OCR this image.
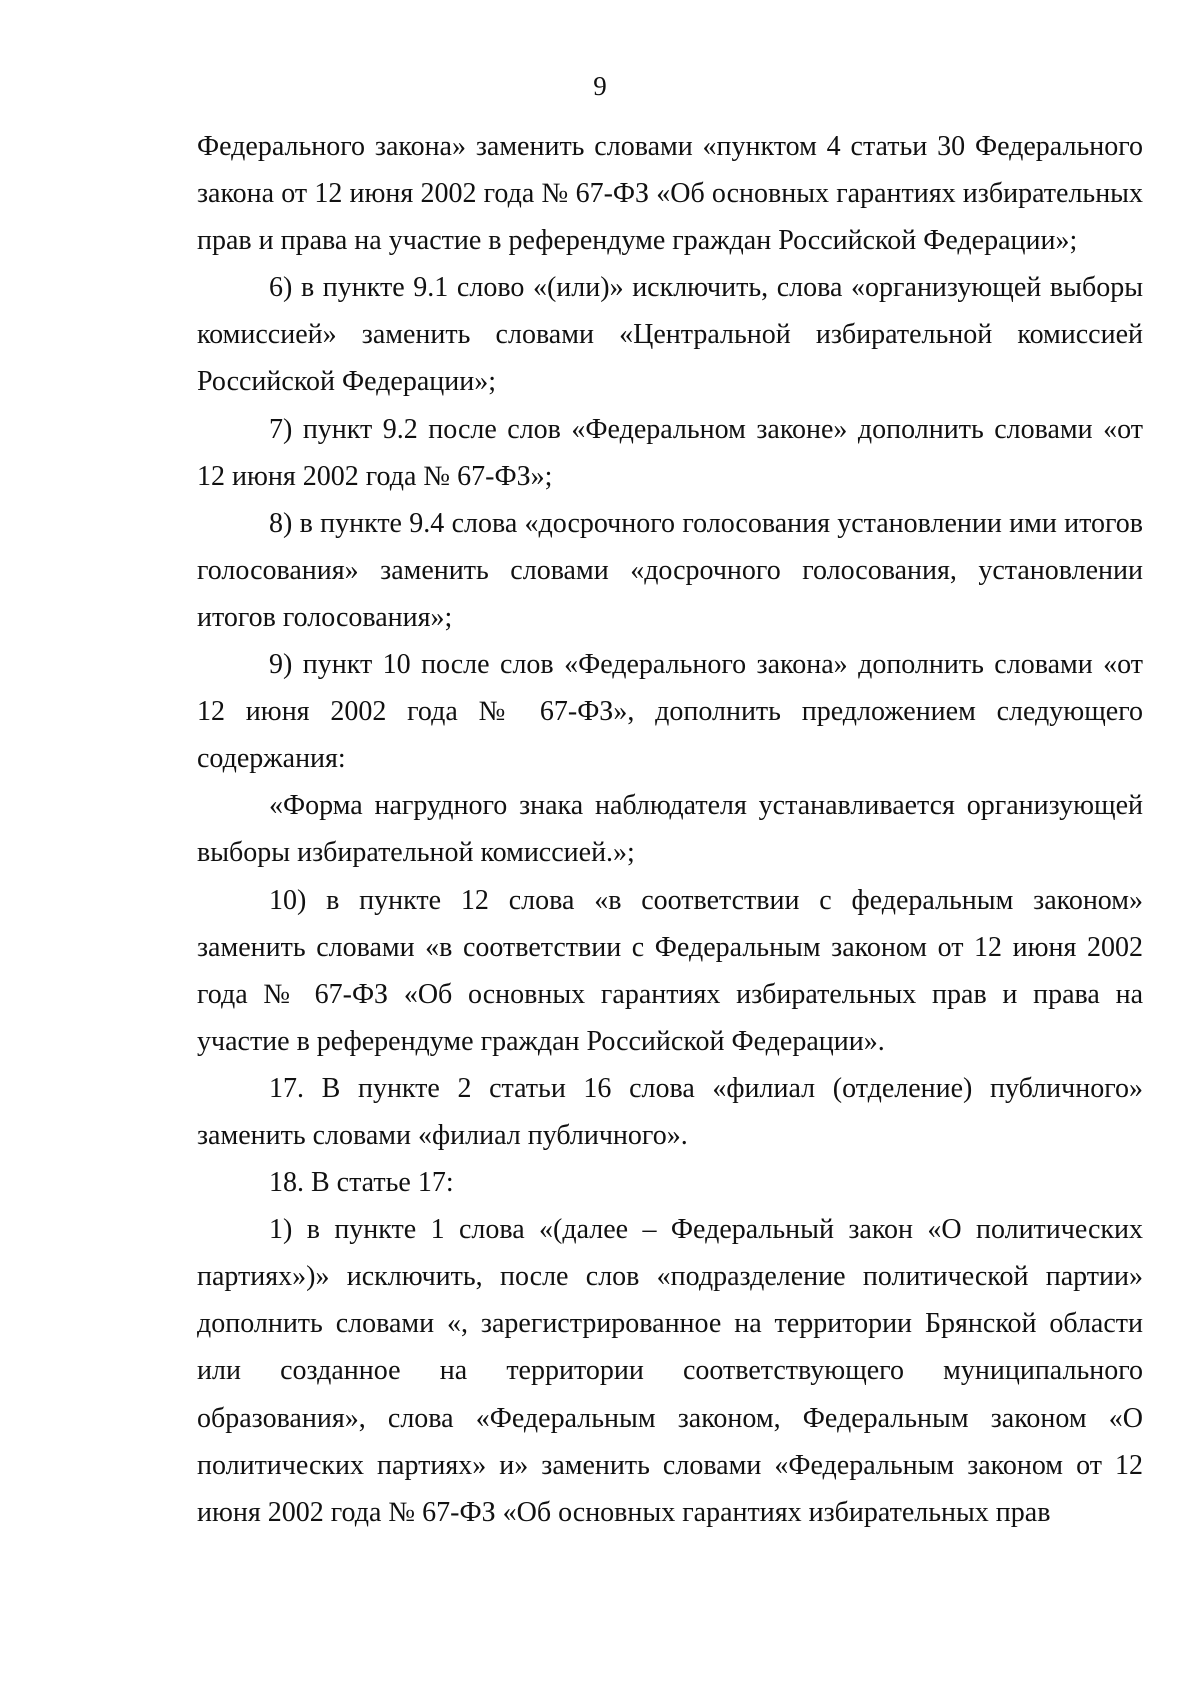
9

Федерального закона» заменить словами «пунктом 4 статьи 30 Федерального закона от 12 июня 2002 года № 67-ФЗ «Об основных гарантиях избирательных прав и права на участие в референдуме граждан Российской Федерации»;

6) в пункте 9.1 слово «(или)» исключить, слова «организующей выборы комиссией» заменить словами «Центральной избирательной комиссией Российской Федерации»;

7) пункт 9.2 после слов «Федеральном законе» дополнить словами «от 12 июня 2002 года № 67-ФЗ»;

8) в пункте 9.4 слова «досрочного голосования установлении ими итогов голосования» заменить словами «досрочного голосования, установлении итогов голосования»;

9) пункт 10 после слов «Федерального закона» дополнить словами «от 12 июня 2002 года № 67-ФЗ», дополнить предложением следующего содержания:

«Форма нагрудного знака наблюдателя устанавливается организующей выборы избирательной комиссией.»;

10) в пункте 12 слова «в соответствии с федеральным законом» заменить словами «в соответствии с Федеральным законом от 12 июня 2002 года № 67-ФЗ «Об основных гарантиях избирательных прав и права на участие в референдуме граждан Российской Федерации».

17. В пункте 2 статьи 16 слова «филиал (отделение) публичного» заменить словами «филиал публичного».

18. В статье 17:

1) в пункте 1 слова «(далее – Федеральный закон «О политических партиях»)» исключить, после слов «подразделение политической партии» дополнить словами «, зарегистрированное на территории Брянской области или созданное на территории соответствующего муниципального образования», слова «Федеральным законом, Федеральным законом «О политических партиях» и» заменить словами «Федеральным законом от 12 июня 2002 года № 67-ФЗ «Об основных гарантиях избирательных прав
